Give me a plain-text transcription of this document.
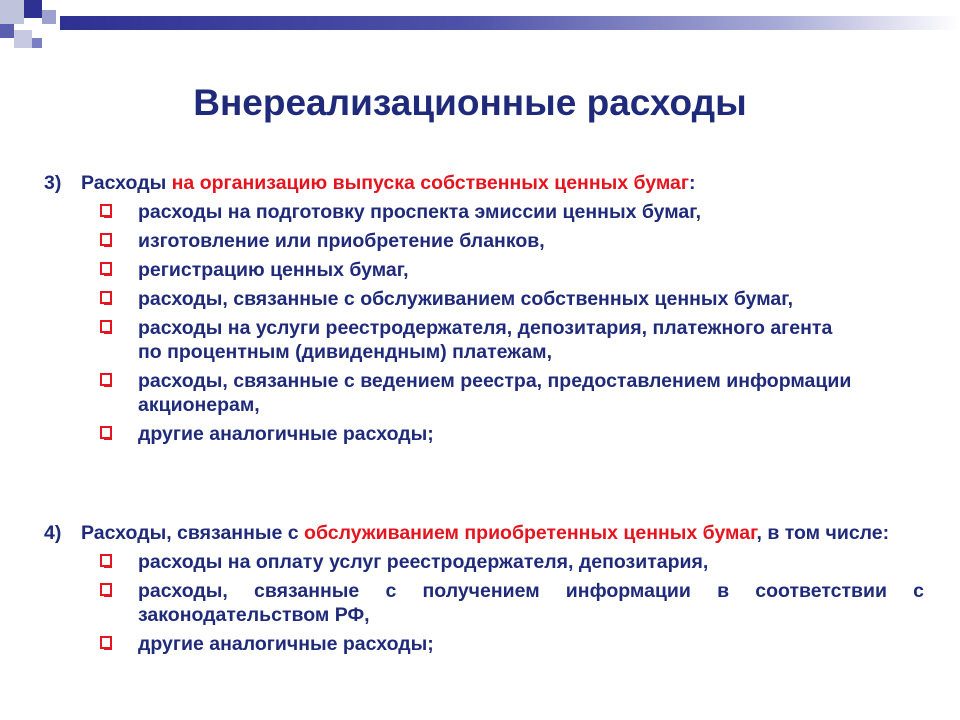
Внереализационные расходы
3)	Расходы на организацию выпуска собственных ценных бумаг:
расходы на подготовку проспекта эмиссии ценных бумаг,
изготовление или приобретение бланков,
регистрацию ценных бумаг,
расходы, связанные с обслуживанием собственных ценных бумаг,
расходы на услуги реестродержателя, депозитария, платежного агента по процентным (дивидендным) платежам,
расходы, связанные с ведением реестра, предоставлением информации акционерам,
другие аналогичные расходы;
4)	Расходы, связанные с обслуживанием приобретенных ценных бумаг, в том числе:
расходы на оплату услуг реестродержателя, депозитария,
расходы, связанные с получением информации в соответствии с законодательством РФ,
другие аналогичные расходы;
